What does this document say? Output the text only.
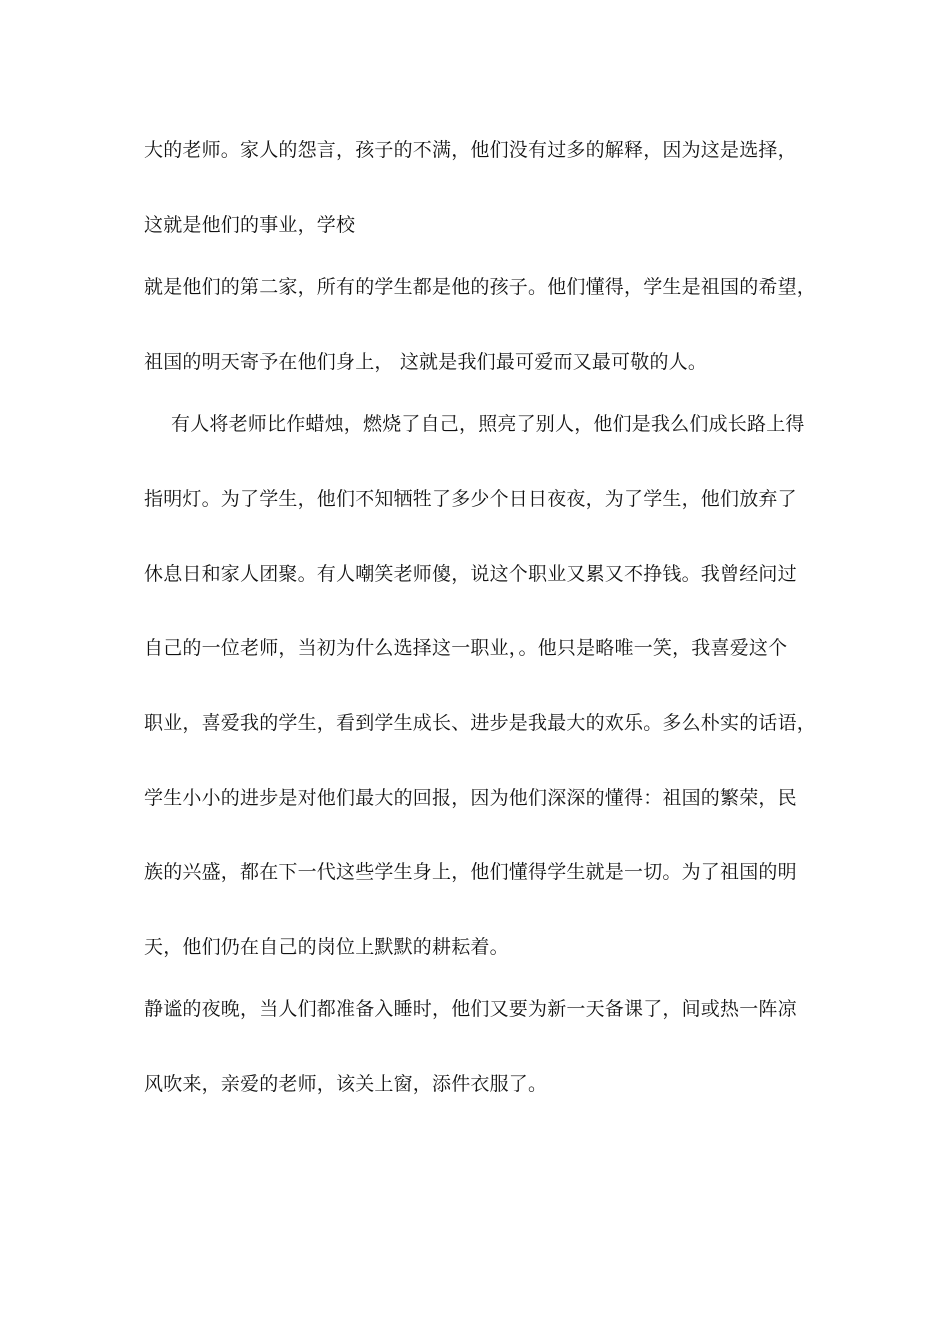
大的老师。家人的怨言，孩子的不满，他们没有过多的解释，因为这是选择，
这就是他们的事业，学校
就是他们的第二家，所有的学生都是他的孩子。他们懂得，学生是祖国的希望，
祖国的明天寄予在他们身上， 这就是我们最可爱而又最可敬的人。
有人将老师比作蜡烛，燃烧了自己，照亮了别人，他们是我么们成长路上得
指明灯。为了学生，他们不知牺牲了多少个日日夜夜，为了学生，他们放弃了
休息日和家人团聚。有人嘲笑老师傻，说这个职业又累又不挣钱。我曾经问过
自己的一位老师，当初为什么选择这一职业，。他只是略唯一笑，我喜爱这个
职业，喜爱我的学生，看到学生成长、进步是我最大的欢乐。多么朴实的话语，
学生小小的进步是对他们最大的回报，因为他们深深的懂得：祖国的繁荣，民
族的兴盛，都在下一代这些学生身上，他们懂得学生就是一切。为了祖国的明
天，他们仍在自己的岗位上默默的耕耘着。
静谧的夜晚，当人们都准备入睡时，他们又要为新一天备课了，间或热一阵凉
风吹来，亲爱的老师，该关上窗，添件衣服了。
